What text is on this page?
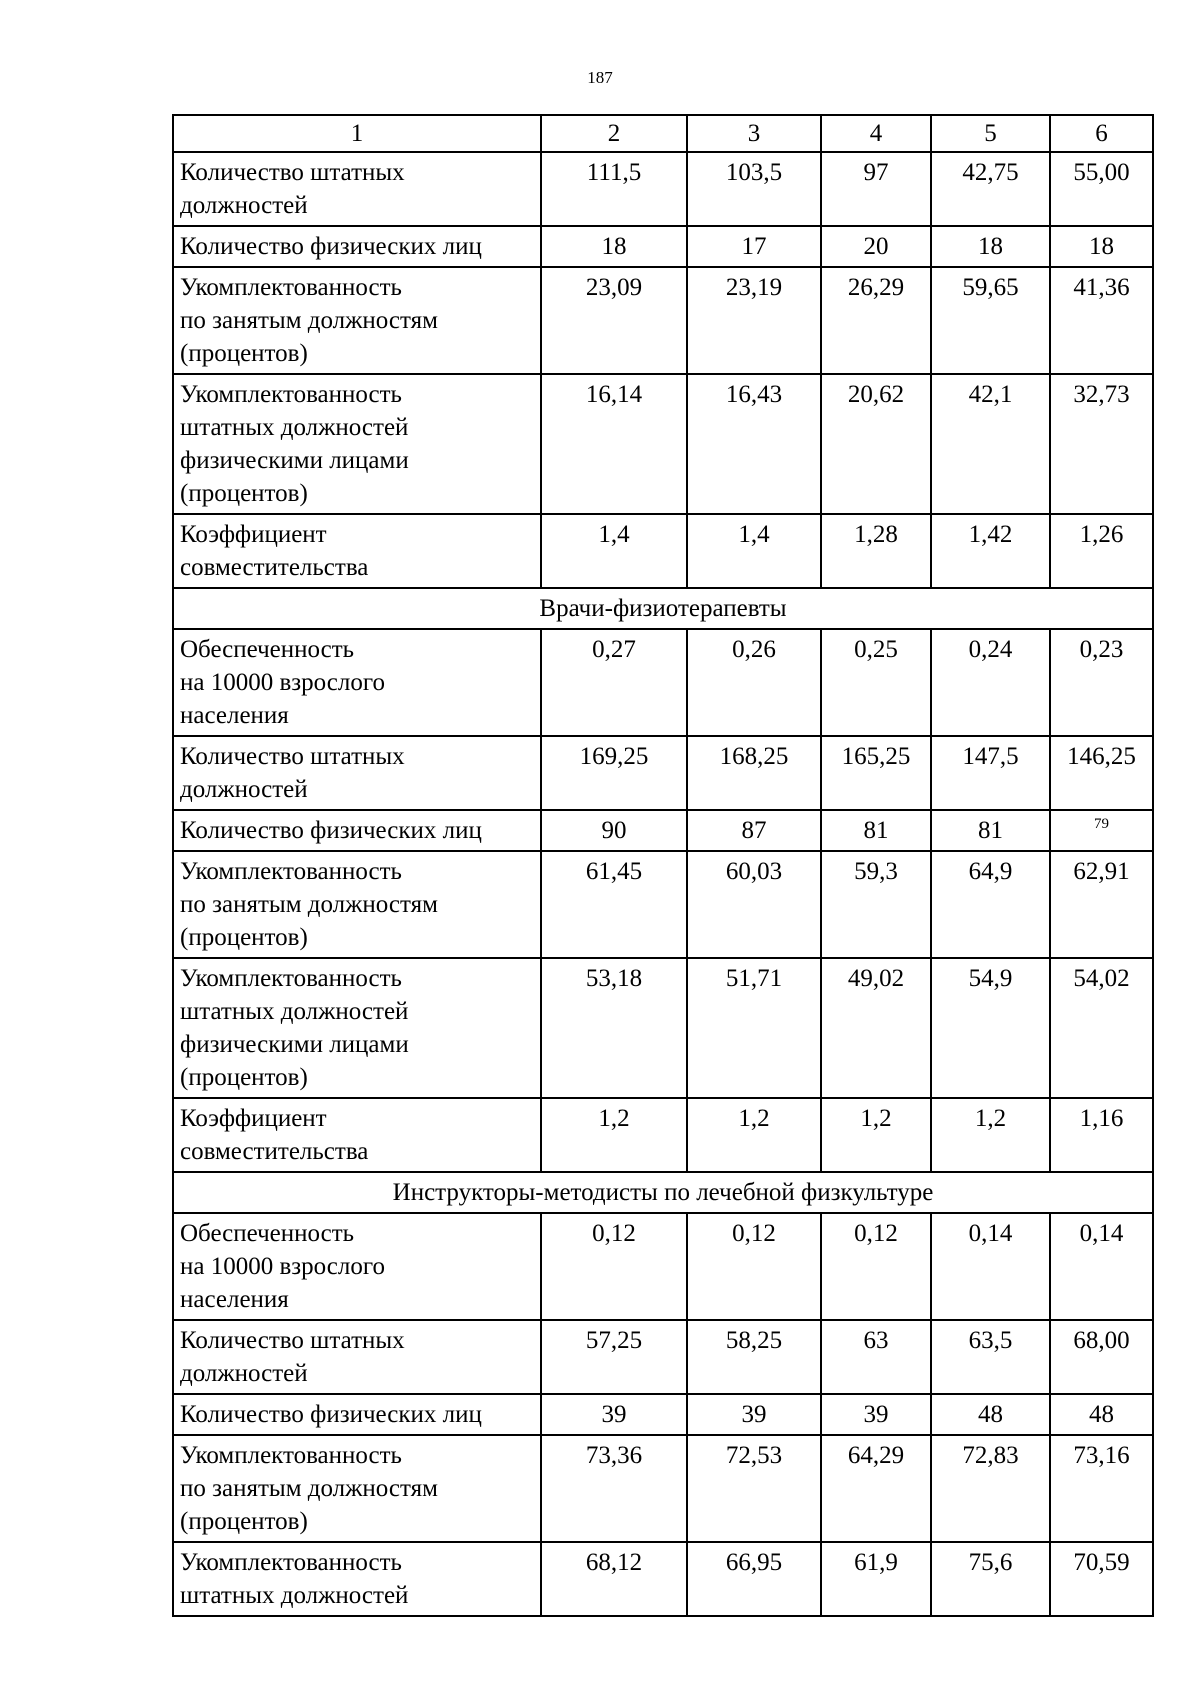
187
1	2	3	4	5	6
Количество штатных
должностей	111,5	103,5	97	42,75	55,00
Количество физических лиц	18	17	20	18	18
Укомплектованность
по занятым должностям
(процентов)	23,09	23,19	26,29	59,65	41,36
Укомплектованность
штатных должностей
физическими лицами
(процентов)	16,14	16,43	20,62	42,1	32,73
Коэффициент
совместительства	1,4	1,4	1,28	1,42	1,26
Врачи-физиотерапевты					
Обеспеченность
на 10000 взрослого
населения	0,27	0,26	0,25	0,24	0,23
Количество штатных
должностей	169,25	168,25	165,25	147,5	146,25
Количество физических лиц	90	87	81	81	79
Укомплектованность
по занятым должностям
(процентов)	61,45	60,03	59,3	64,9	62,91
Укомплектованность
штатных должностей
физическими лицами
(процентов)	53,18	51,71	49,02	54,9	54,02
Коэффициент
совместительства	1,2	1,2	1,2	1,2	1,16
Инструкторы-методисты по лечебной физкультуре					
Обеспеченность
на 10000 взрослого
населения	0,12	0,12	0,12	0,14	0,14
Количество штатных
должностей	57,25	58,25	63	63,5	68,00
Количество физических лиц	39	39	39	48	48
Укомплектованность
по занятым должностям
(процентов)	73,36	72,53	64,29	72,83	73,16
Укомплектованность
штатных должностей	68,12	66,95	61,9	75,6	70,59
